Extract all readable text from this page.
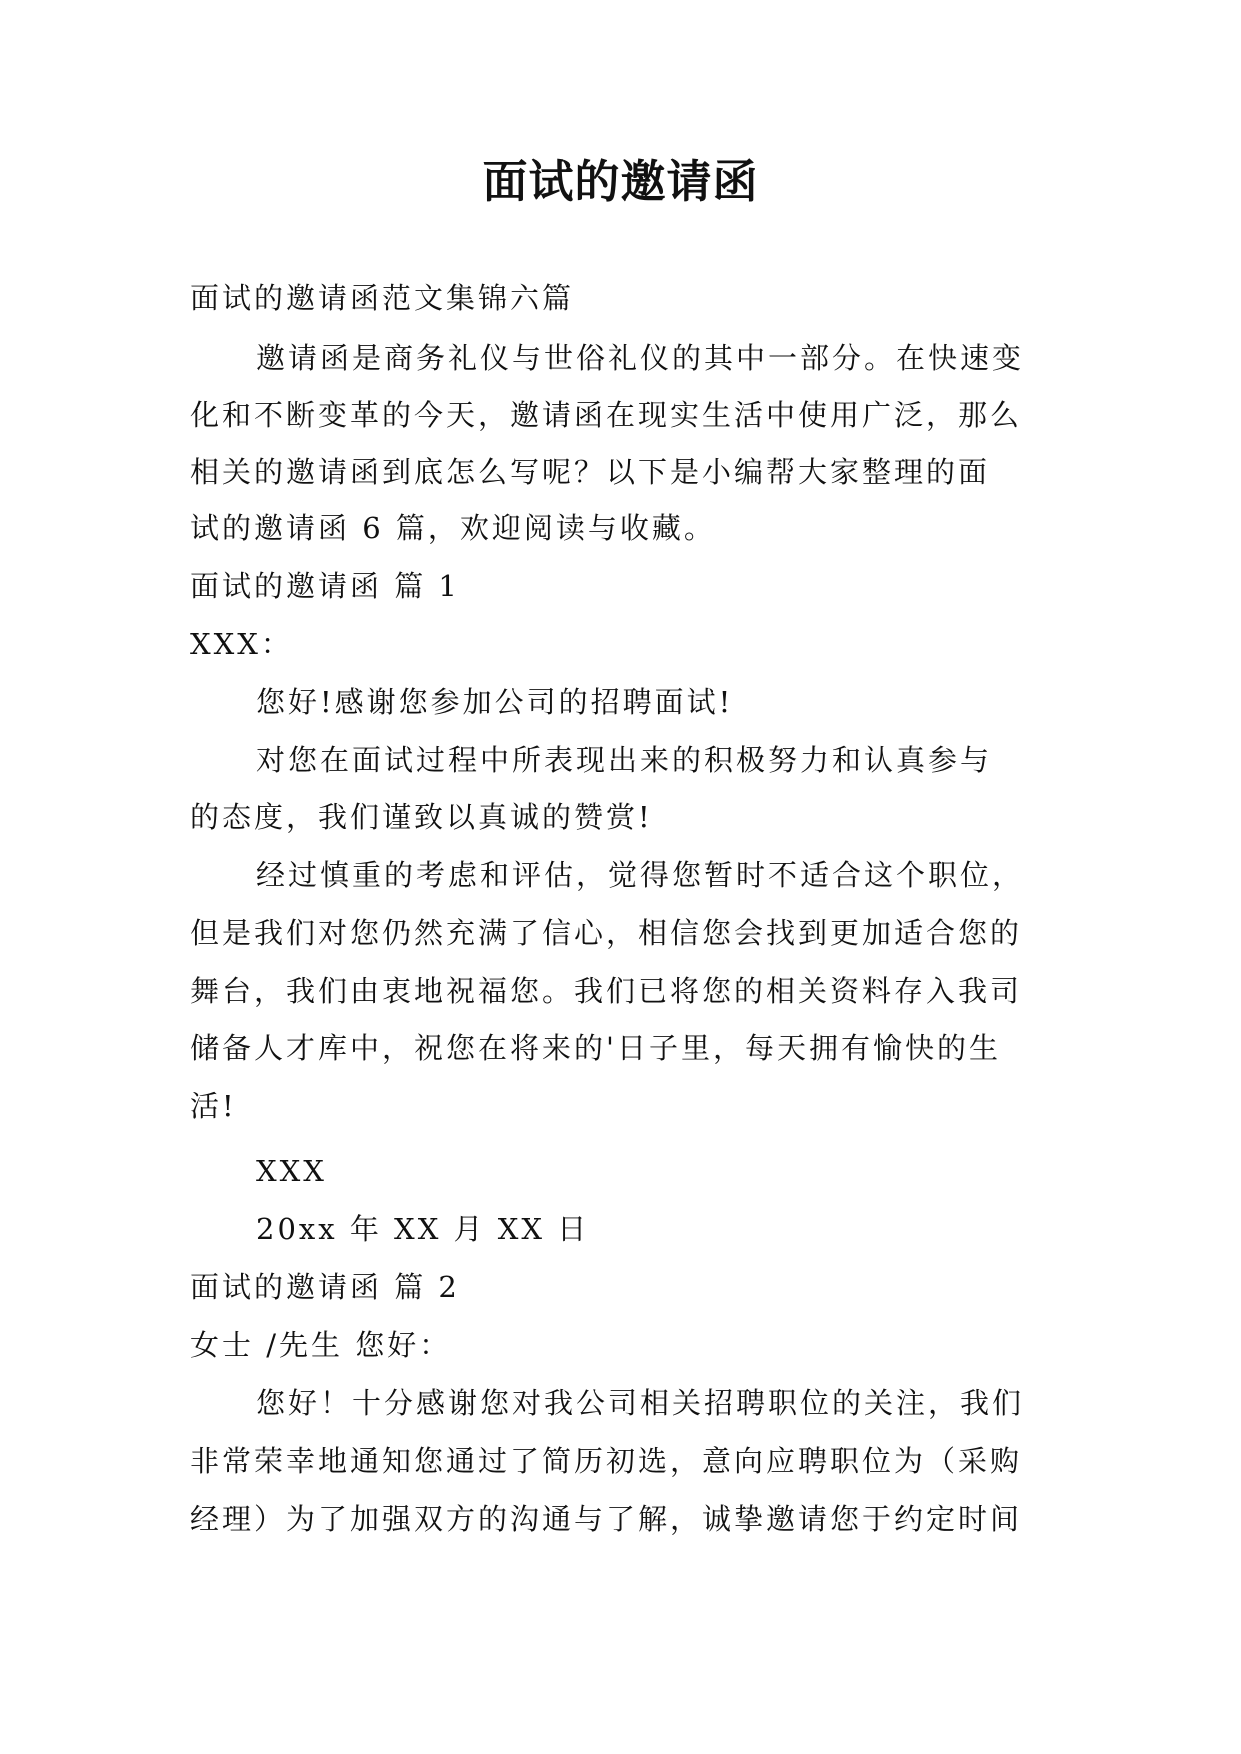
面试的邀请函

面试的邀请函范文集锦六篇

邀请函是商务礼仪与世俗礼仪的其中一部分。在快速变

化和不断变革的今天，邀请函在现实生活中使用广泛，那么

相关的邀请函到底怎么写呢？以下是小编帮大家整理的面

试的邀请函 6 篇，欢迎阅读与收藏。

面试的邀请函 篇 1

XXX：

您好!感谢您参加公司的招聘面试!

对您在面试过程中所表现出来的积极努力和认真参与

的态度，我们谨致以真诚的赞赏!

经过慎重的考虑和评估，觉得您暂时不适合这个职位，

但是我们对您仍然充满了信心，相信您会找到更加适合您的

舞台，我们由衷地祝福您。我们已将您的相关资料存入我司

储备人才库中，祝您在将来的'日子里，每天拥有愉快的生

活!

XXX

20xx 年 XX 月 XX 日

面试的邀请函 篇 2

女士 /先生 您好：

您好！十分感谢您对我公司相关招聘职位的关注，我们

非常荣幸地通知您通过了简历初选，意向应聘职位为（采购

经理）为了加强双方的沟通与了解，诚挚邀请您于约定时间
